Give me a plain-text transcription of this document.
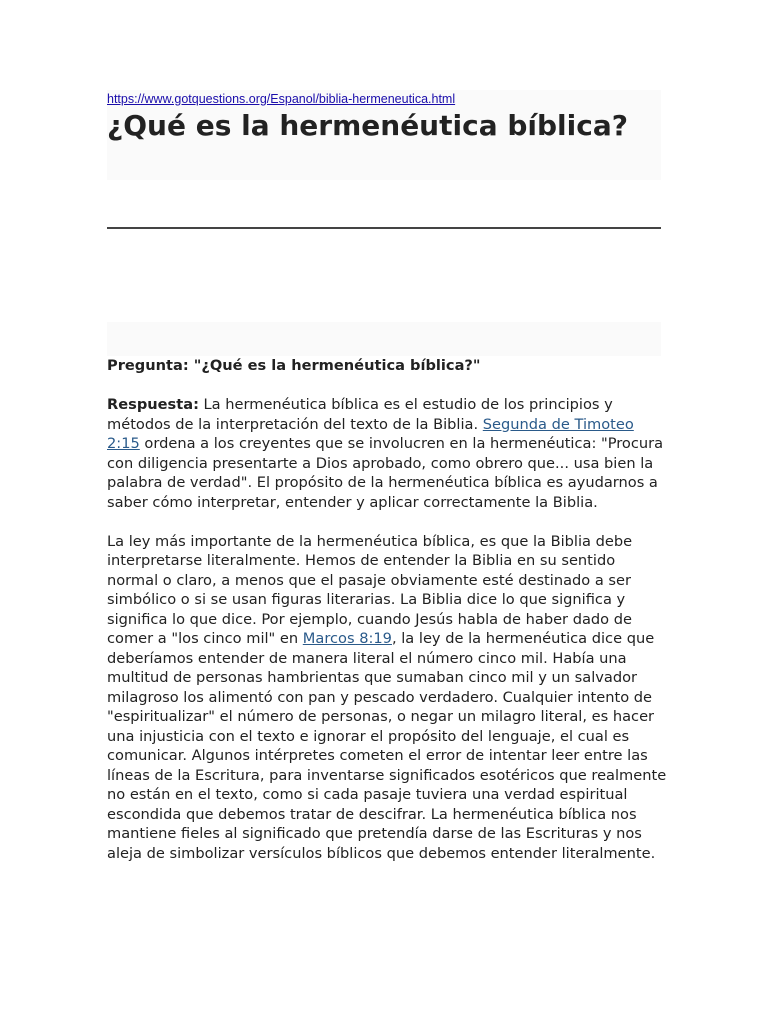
https://www.gotquestions.org/Espanol/biblia-hermeneutica.html
¿Qué es la hermenéutica bíblica?

Pregunta: "¿Qué es la hermenéutica bíblica?"

Respuesta: La hermenéutica bíblica es el estudio de los principios y métodos de la interpretación del texto de la Biblia. Segunda de Timoteo 2:15 ordena a los creyentes que se involucren en la hermenéutica: "Procura con diligencia presentarte a Dios aprobado, como obrero que... usa bien la palabra de verdad". El propósito de la hermenéutica bíblica es ayudarnos a saber cómo interpretar, entender y aplicar correctamente la Biblia.

La ley más importante de la hermenéutica bíblica, es que la Biblia debe interpretarse literalmente. Hemos de entender la Biblia en su sentido normal o claro, a menos que el pasaje obviamente esté destinado a ser simbólico o si se usan figuras literarias. La Biblia dice lo que significa y significa lo que dice. Por ejemplo, cuando Jesús habla de haber dado de comer a "los cinco mil" en Marcos 8:19, la ley de la hermenéutica dice que deberíamos entender de manera literal el número cinco mil. Había una multitud de personas hambrientas que sumaban cinco mil y un salvador milagroso los alimentó con pan y pescado verdadero. Cualquier intento de "espiritualizar" el número de personas, o negar un milagro literal, es hacer una injusticia con el texto e ignorar el propósito del lenguaje, el cual es comunicar. Algunos intérpretes cometen el error de intentar leer entre las líneas de la Escritura, para inventarse significados esotéricos que realmente no están en el texto, como si cada pasaje tuviera una verdad espiritual escondida que debemos tratar de descifrar. La hermenéutica bíblica nos mantiene fieles al significado que pretendía darse de las Escrituras y nos aleja de simbolizar versículos bíblicos que debemos entender literalmente.
